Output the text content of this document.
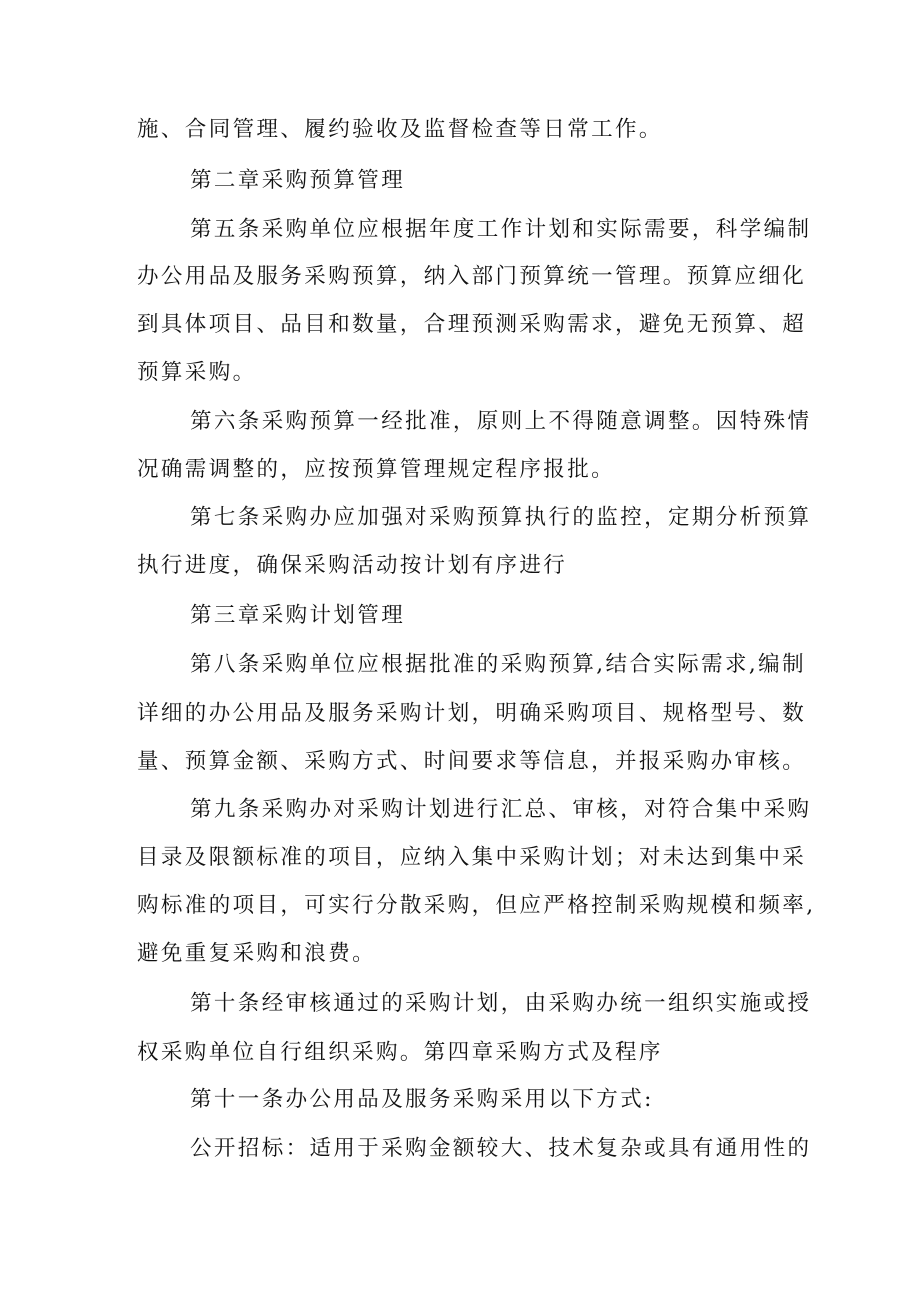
施、合同管理、履约验收及监督检查等日常工作。
第二章采购预算管理
第五条采购单位应根据年度工作计划和实际需要，科学编制
办公用品及服务采购预算，纳入部门预算统一管理。预算应细化
到具体项目、品目和数量，合理预测采购需求，避免无预算、超
预算采购。
第六条采购预算一经批准，原则上不得随意调整。因特殊情
况确需调整的，应按预算管理规定程序报批。
第七条采购办应加强对采购预算执行的监控，定期分析预算
执行进度，确保采购活动按计划有序进行
第三章采购计划管理
第八条采购单位应根据批准的采购预算,结合实际需求,编制
详细的办公用品及服务采购计划，明确采购项目、规格型号、数
量、预算金额、采购方式、时间要求等信息，并报采购办审核。
第九条采购办对采购计划进行汇总、审核，对符合集中采购
目录及限额标准的项目，应纳入集中采购计划；对未达到集中采
购标准的项目，可实行分散采购，但应严格控制采购规模和频率,
避免重复采购和浪费。
第十条经审核通过的采购计划，由采购办统一组织实施或授
权采购单位自行组织采购。第四章采购方式及程序
第十一条办公用品及服务采购采用以下方式:
公开招标：适用于采购金额较大、技术复杂或具有通用性的
